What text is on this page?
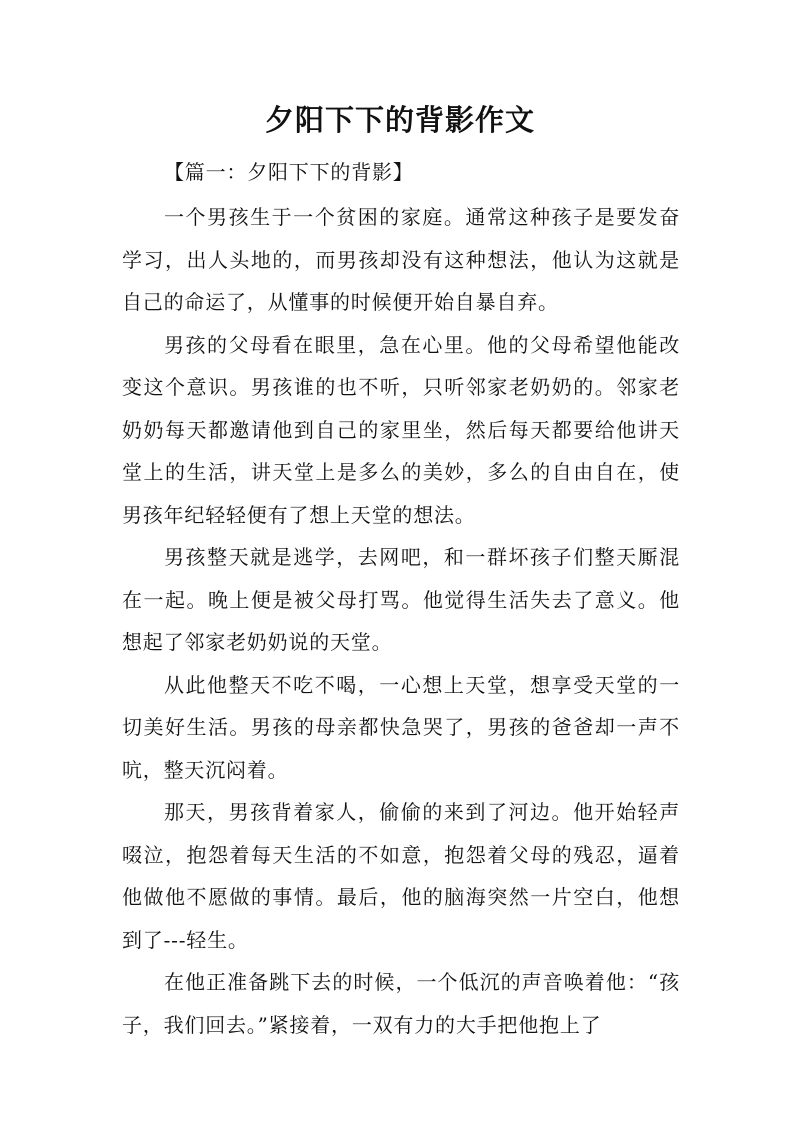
夕阳下下的背影作文

【篇一：夕阳下下的背影】

一个男孩生于一个贫困的家庭。通常这种孩子是要发奋学习，出人头地的，而男孩却没有这种想法，他认为这就是自己的命运了，从懂事的时候便开始自暴自弃。

男孩的父母看在眼里，急在心里。他的父母希望他能改变这个意识。男孩谁的也不听，只听邻家老奶奶的。邻家老奶奶每天都邀请他到自己的家里坐，然后每天都要给他讲天堂上的生活，讲天堂上是多么的美妙，多么的自由自在，使男孩年纪轻轻便有了想上天堂的想法。

男孩整天就是逃学，去网吧，和一群坏孩子们整天厮混在一起。晚上便是被父母打骂。他觉得生活失去了意义。他想起了邻家老奶奶说的天堂。

从此他整天不吃不喝，一心想上天堂，想享受天堂的一切美好生活。男孩的母亲都快急哭了，男孩的爸爸却一声不吭，整天沉闷着。

那天，男孩背着家人，偷偷的来到了河边。他开始轻声啜泣，抱怨着每天生活的不如意，抱怨着父母的残忍，逼着他做他不愿做的事情。最后，他的脑海突然一片空白，他想到了---轻生。

在他正准备跳下去的时候，一个低沉的声音唤着他：“孩子，我们回去。”紧接着，一双有力的大手把他抱上了
